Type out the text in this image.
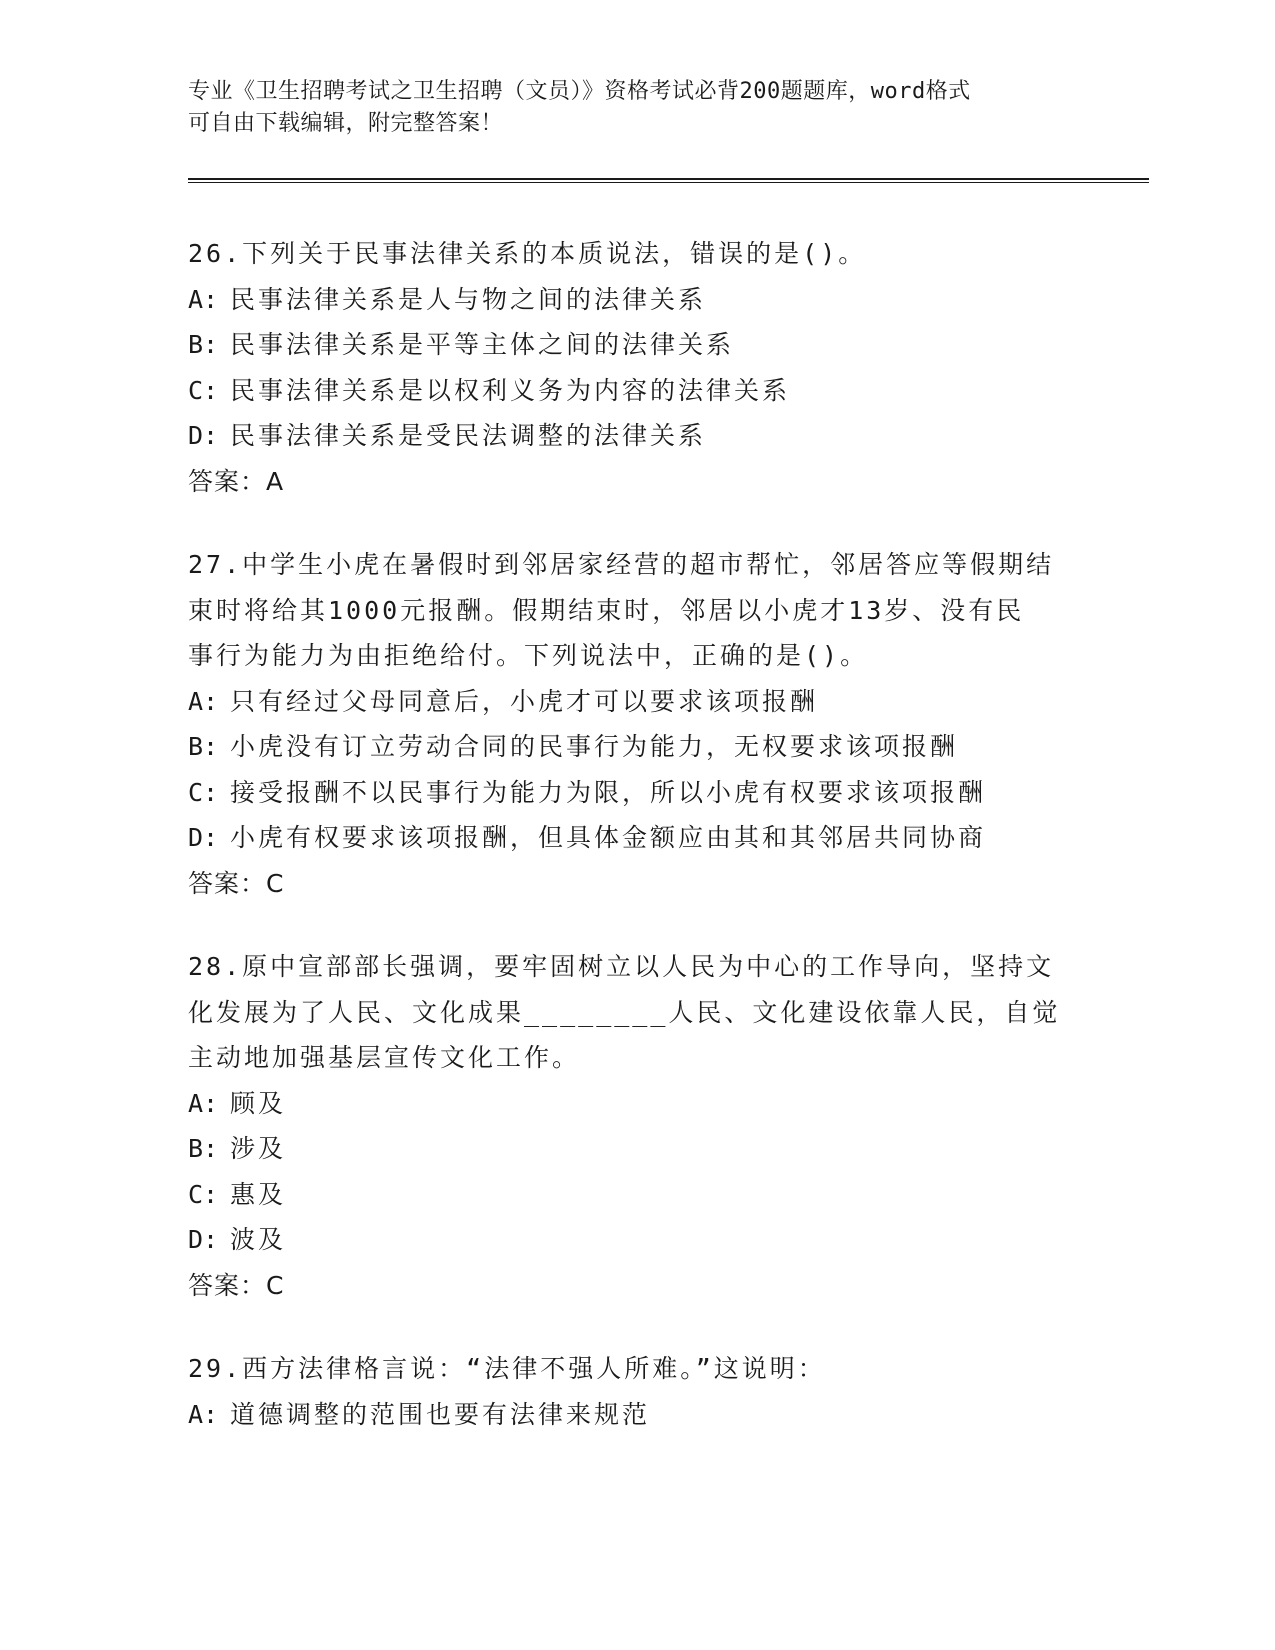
专业《卫生招聘考试之卫生招聘（文员）》资格考试必背200题题库，word格式
可自由下载编辑，附完整答案！
26.下列关于民事法律关系的本质说法，错误的是()。
A: 民事法律关系是人与物之间的法律关系
B: 民事法律关系是平等主体之间的法律关系
C: 民事法律关系是以权利义务为内容的法律关系
D: 民事法律关系是受民法调整的法律关系
答案：A
27.中学生小虎在暑假时到邻居家经营的超市帮忙，邻居答应等假期结
束时将给其1000元报酬。假期结束时，邻居以小虎才13岁、没有民
事行为能力为由拒绝给付。下列说法中，正确的是()。
A: 只有经过父母同意后，小虎才可以要求该项报酬
B: 小虎没有订立劳动合同的民事行为能力，无权要求该项报酬
C: 接受报酬不以民事行为能力为限，所以小虎有权要求该项报酬
D: 小虎有权要求该项报酬，但具体金额应由其和其邻居共同协商
答案：C
28.原中宣部部长强调，要牢固树立以人民为中心的工作导向，坚持文
化发展为了人民、文化成果________人民、文化建设依靠人民，自觉
主动地加强基层宣传文化工作。
A: 顾及
B: 涉及
C: 惠及
D: 波及
答案：C
29.西方法律格言说：“法律不强人所难。”这说明：
A: 道德调整的范围也要有法律来规范
